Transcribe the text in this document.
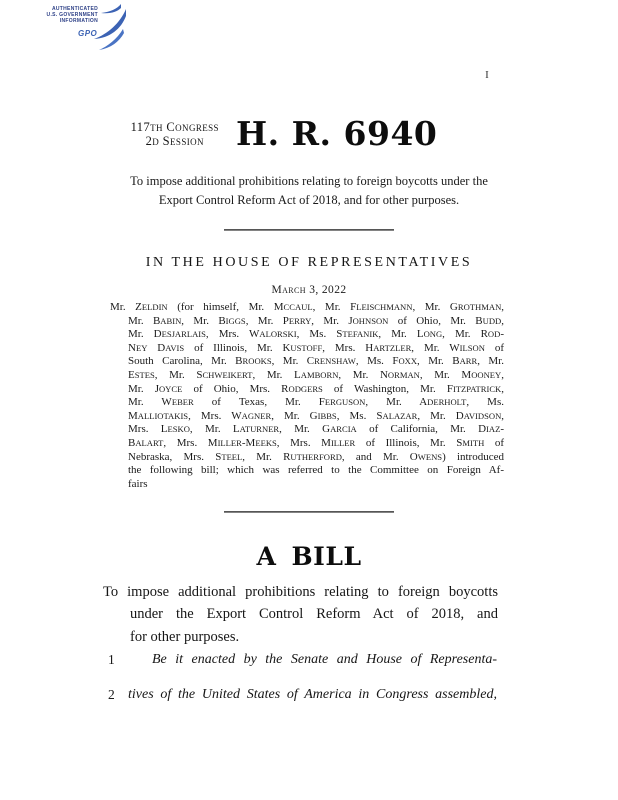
AUTHENTICATED
U.S. GOVERNMENT
INFORMATION
GPO
I
117th Congress
2d Session H. R. 6940
To impose additional prohibitions relating to foreign boycotts under the
Export Control Reform Act of 2018, and for other purposes.
IN THE HOUSE OF REPRESENTATIVES
March 3, 2022
Mr. ZELDIN (for himself, Mr. MCCAUL, Mr. FLEISCHMANN, Mr. GROTHMAN,
Mr. BABIN, Mr. BIGGS, Mr. PERRY, Mr. JOHNSON of Ohio, Mr. BUDD,
Mr. DESJARLAIS, Mrs. WALORSKI, Ms. STEFANIK, Mr. LONG, Mr. ROD-
NEY DAVIS of Illinois, Mr. KUSTOFF, Mrs. HARTZLER, Mr. WILSON of
South Carolina, Mr. BROOKS, Mr. CRENSHAW, Ms. FOXX, Mr. BARR, Mr.
ESTES, Mr. SCHWEIKERT, Mr. LAMBORN, Mr. NORMAN, Mr. MOONEY,
Mr. JOYCE of Ohio, Mrs. RODGERS of Washington, Mr. FITZPATRICK,
Mr. WEBER of Texas, Mr. FERGUSON, Mr. ADERHOLT, Ms.
MALLIOTAKIS, Mrs. WAGNER, Mr. GIBBS, Ms. SALAZAR, Mr. DAVIDSON,
Mrs. LESKO, Mr. LATURNER, Mr. GARCIA of California, Mr. DIAZ-
BALART, Mrs. MILLER-MEEKS, Mrs. MILLER of Illinois, Mr. SMITH of
Nebraska, Mrs. STEEL, Mr. RUTHERFORD, and Mr. OWENS) introduced
the following bill; which was referred to the Committee on Foreign Af-
fairs
A BILL
To impose additional prohibitions relating to foreign boycotts
under the Export Control Reform Act of 2018, and
for other purposes.
1	Be it enacted by the Senate and House of Representa-
2 tives of the United States of America in Congress assembled,
